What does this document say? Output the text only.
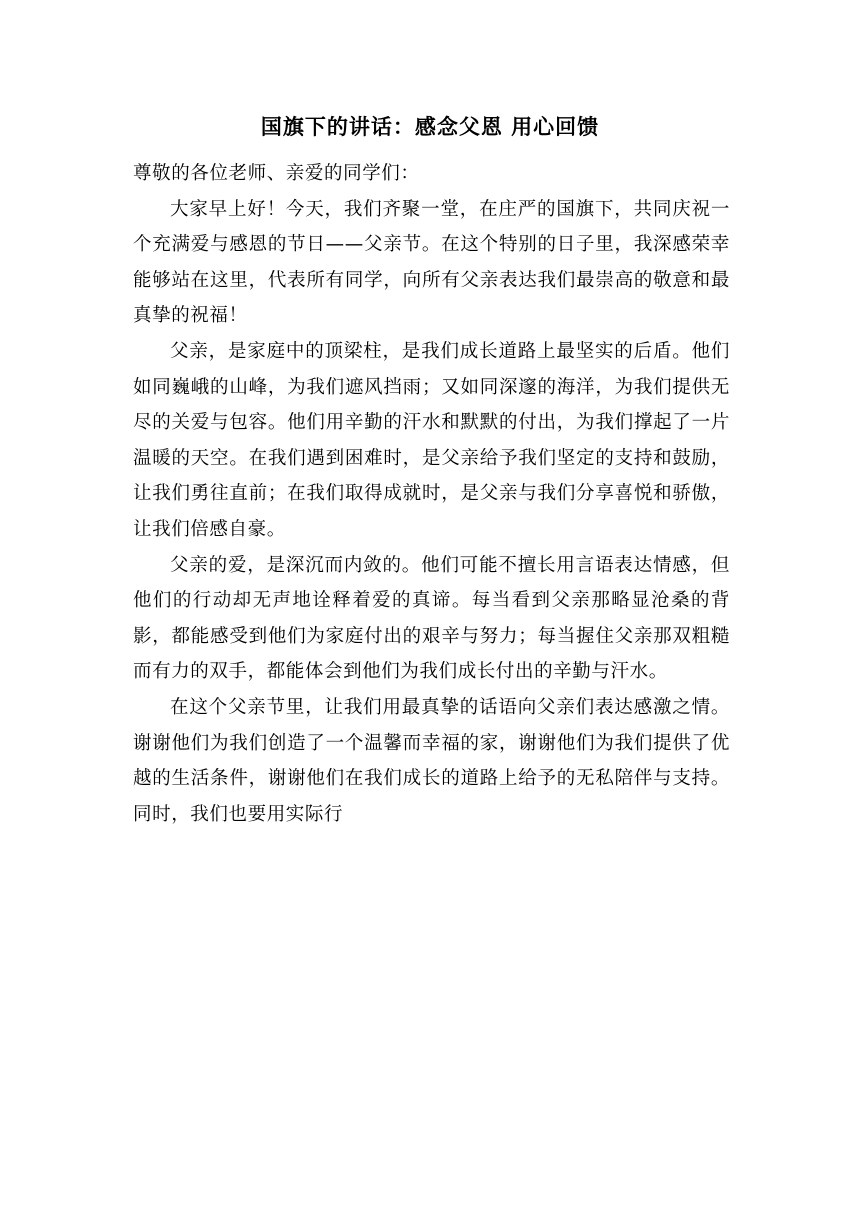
国旗下的讲话：感念父恩 用心回馈

尊敬的各位老师、亲爱的同学们：

大家早上好！今天，我们齐聚一堂，在庄严的国旗下，共同庆祝一个充满爱与感恩的节日——父亲节。在这个特别的日子里，我深感荣幸能够站在这里，代表所有同学，向所有父亲表达我们最崇高的敬意和最真挚的祝福！

父亲，是家庭中的顶梁柱，是我们成长道路上最坚实的后盾。他们如同巍峨的山峰，为我们遮风挡雨；又如同深邃的海洋，为我们提供无尽的关爱与包容。他们用辛勤的汗水和默默的付出，为我们撑起了一片温暖的天空。在我们遇到困难时，是父亲给予我们坚定的支持和鼓励，让我们勇往直前；在我们取得成就时，是父亲与我们分享喜悦和骄傲，让我们倍感自豪。

父亲的爱，是深沉而内敛的。他们可能不擅长用言语表达情感，但他们的行动却无声地诠释着爱的真谛。每当看到父亲那略显沧桑的背影，都能感受到他们为家庭付出的艰辛与努力；每当握住父亲那双粗糙而有力的双手，都能体会到他们为我们成长付出的辛勤与汗水。

在这个父亲节里，让我们用最真挚的话语向父亲们表达感激之情。谢谢他们为我们创造了一个温馨而幸福的家，谢谢他们为我们提供了优越的生活条件，谢谢他们在我们成长的道路上给予的无私陪伴与支持。同时，我们也要用实际行
